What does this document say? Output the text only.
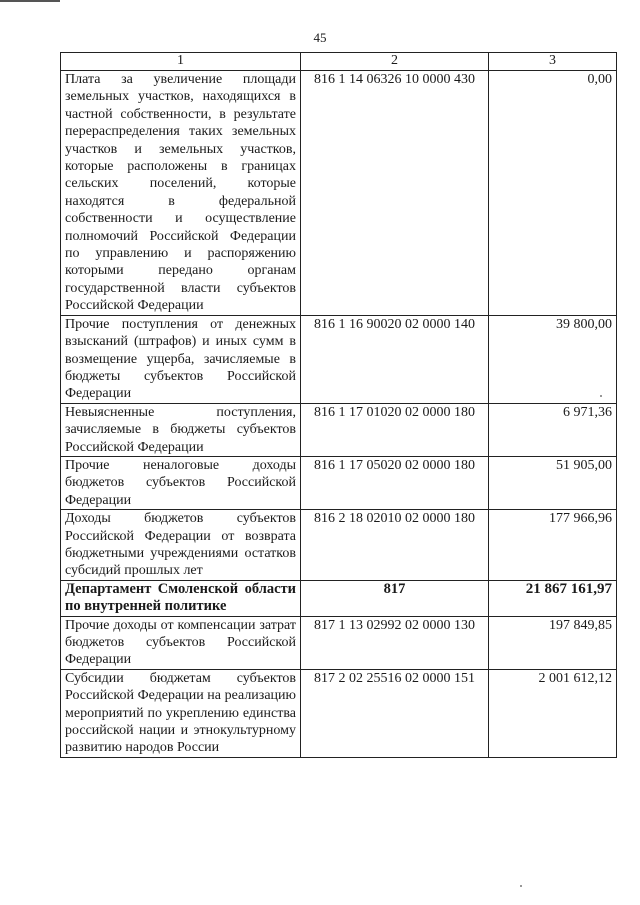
45
1	2	3
Плата за увеличение площади земельных участков, находящихся в частной собственности, в результате перераспределения таких земельных участков и земельных участков, которые расположены в границах сельских поселений, которые находятся в федеральной собственности и осуществление полномочий Российской Федерации по управлению и распоряжению которыми передано органам государственной власти субъектов Российской Федерации	816 1 14 06326 10 0000 430	0,00
Прочие поступления от денежных взысканий (штрафов) и иных сумм в возмещение ущерба, зачисляемые в бюджеты субъектов Российской Федерации	816 1 16 90020 02 0000 140	39 800,00
Невыясненные поступления, зачисляемые в бюджеты субъектов Российской Федерации	816 1 17 01020 02 0000 180	6 971,36
Прочие неналоговые доходы бюджетов субъектов Российской Федерации	816 1 17 05020 02 0000 180	51 905,00
Доходы бюджетов субъектов Российской Федерации от возврата бюджетными учреждениями остатков субсидий прошлых лет	816 2 18 02010 02 0000 180	177 966,96
Департамент Смоленской области по внутренней политике	817	21 867 161,97
Прочие доходы от компенсации затрат бюджетов субъектов Российской Федерации	817 1 13 02992 02 0000 130	197 849,85
Субсидии бюджетам субъектов Российской Федерации на реализацию мероприятий по укреплению единства российской нации и этнокультурному развитию народов России	817 2 02 25516 02 0000 151	2 001 612,12
